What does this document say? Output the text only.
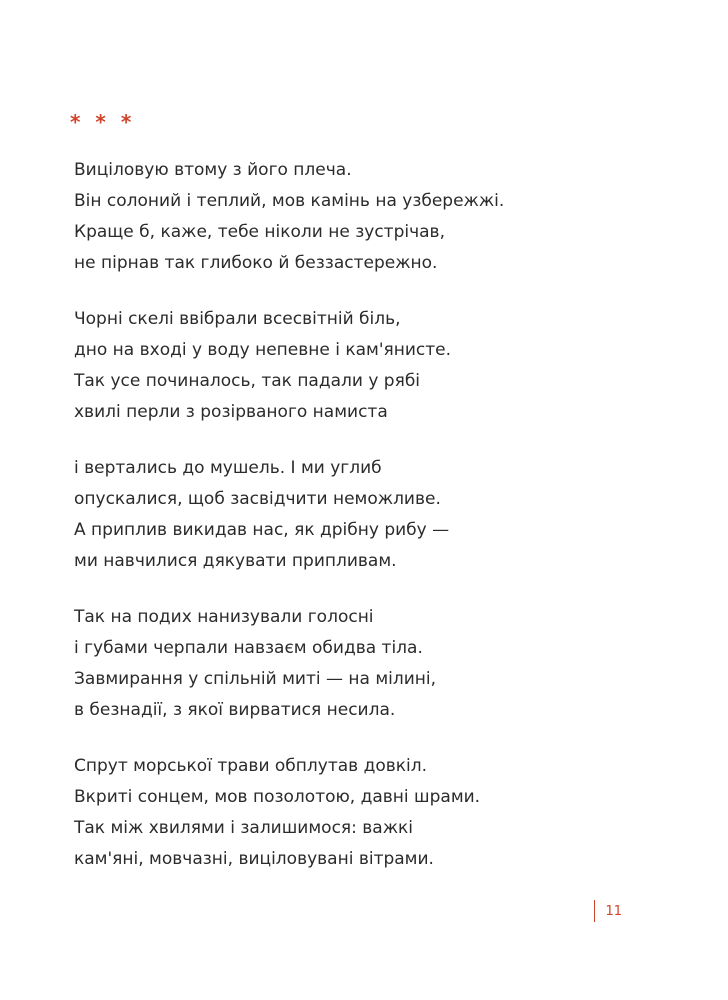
* * *
Виціловую втому з його плеча.
Він солоний і теплий, мов камінь на узбережжі.
Краще б, каже, тебе ніколи не зустрічав,
не пірнав так глибоко й беззастережно.
Чорні скелі ввібрали всесвітній біль,
дно на вході у воду непевне і кам'янисте.
Так усе починалось, так падали у рябі
хвилі перли з розірваного намиста
і вертались до мушель. І ми углиб
опускалися, щоб засвідчити неможливе.
А приплив викидав нас, як дрібну рибу —
ми навчилися дякувати припливам.
Так на подих нанизували голосні
і губами черпали навзаєм обидва тіла.
Завмирання у спільній миті — на мілині,
в безнадії, з якої вирватися несила.
Спрут морської трави обплутав довкіл.
Вкриті сонцем, мов позолотою, давні шрами.
Так між хвилями і залишимося: важкі
кам'яні, мовчазні, виціловувані вітрами.
11
